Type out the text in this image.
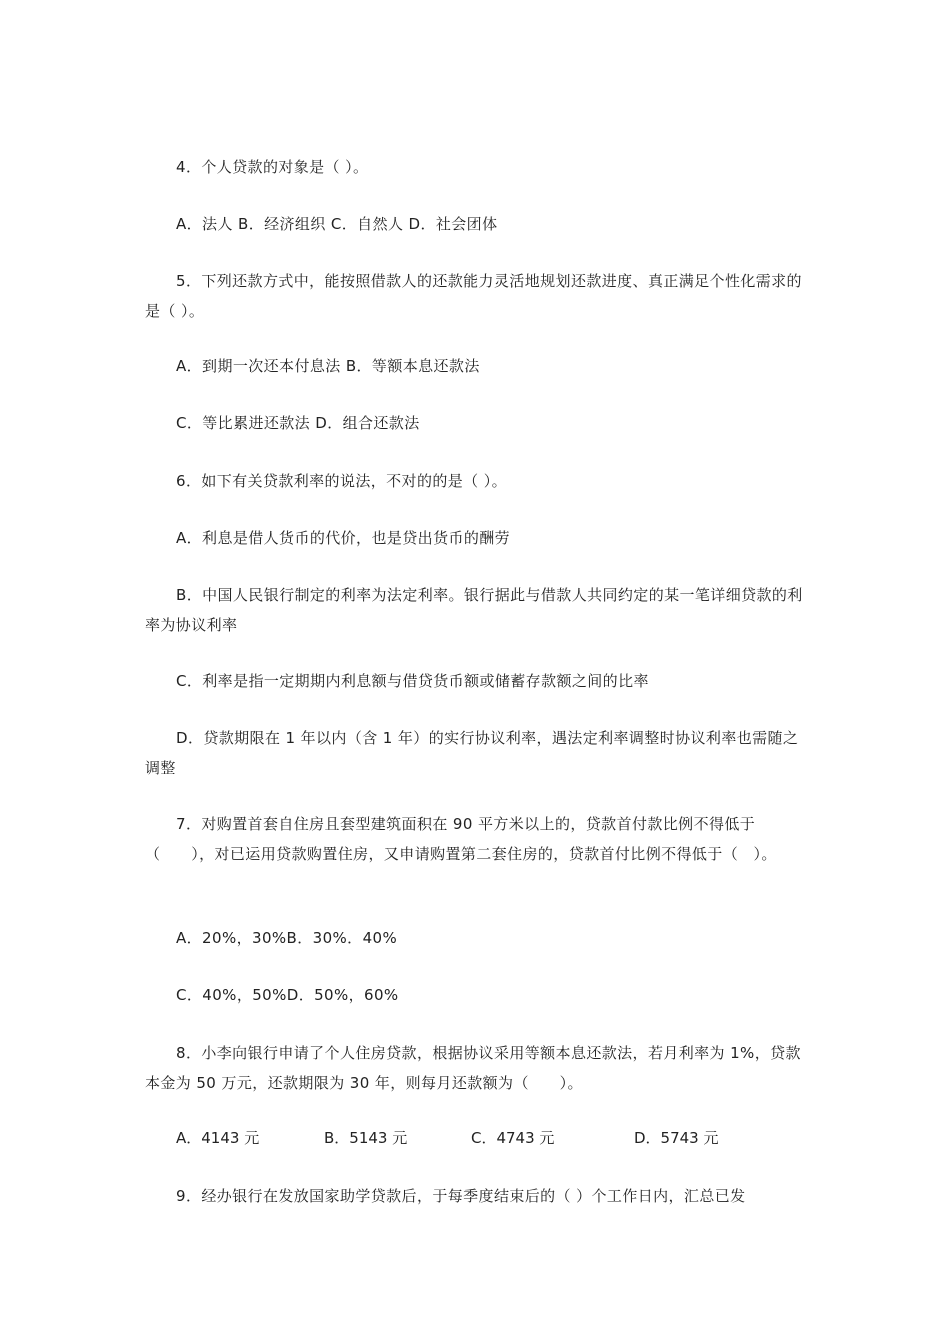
4．个人贷款的对象是（ ）。
A．法人 B．经济组织 C．自然人 D．社会团体
5．下列还款方式中，能按照借款人的还款能力灵活地规划还款进度、真正满足个性化需求的是（ ）。
A．到期一次还本付息法 B．等额本息还款法
C．等比累进还款法 D．组合还款法
6．如下有关贷款利率的说法，不对的的是（ ）。
A．利息是借人货币的代价，也是贷出货币的酬劳
B．中国人民银行制定的利率为法定利率。银行据此与借款人共同约定的某一笔详细贷款的利率为协议利率
C．利率是指一定期期内利息额与借贷货币额或储蓄存款额之间的比率
D．贷款期限在 1 年以内（含 1 年）的实行协议利率，遇法定利率调整时协议利率也需随之调整
7．对购置首套自住房且套型建筑面积在 90 平方米以上的，贷款首付款比例不得低于（　　），对已运用贷款购置住房，又申请购置第二套住房的，贷款首付比例不得低于（　）。
A．20%，30%B．30%．40%
C．40%，50%D．50%，60%
8．小李向银行申请了个人住房贷款，根据协议采用等额本息还款法，若月利率为 1%，贷款本金为 50 万元，还款期限为 30 年，则每月还款额为（　　）。
A．4143 元	B．5143 元	C．4743 元	D．5743 元
9．经办银行在发放国家助学贷款后，于每季度结束后的（ ）个工作日内，汇总已发
